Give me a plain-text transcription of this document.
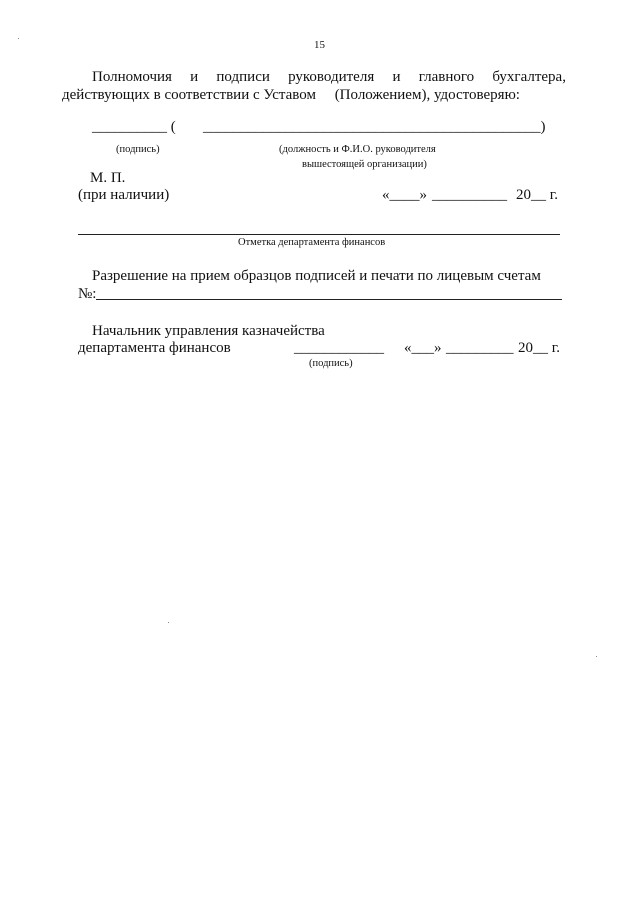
15
Полномочия и подписи руководителя и главного бухгалтера,
действующих в соответствии с Уставом     (Положением), удостоверяю:
__________ ( _____________________________________________)
(подпись)	(должность и Ф.И.О. руководителя
вышестоящей организации)
М. П.
(при наличии)	«____» __________ 20__ г.
Отметка департамента финансов
Разрешение на прием образцов подписей и печати по лицевым счетам
№:
Начальник управления казначейства
департамента финансов	____________ «___» _________ 20__ г.
(подпись)
